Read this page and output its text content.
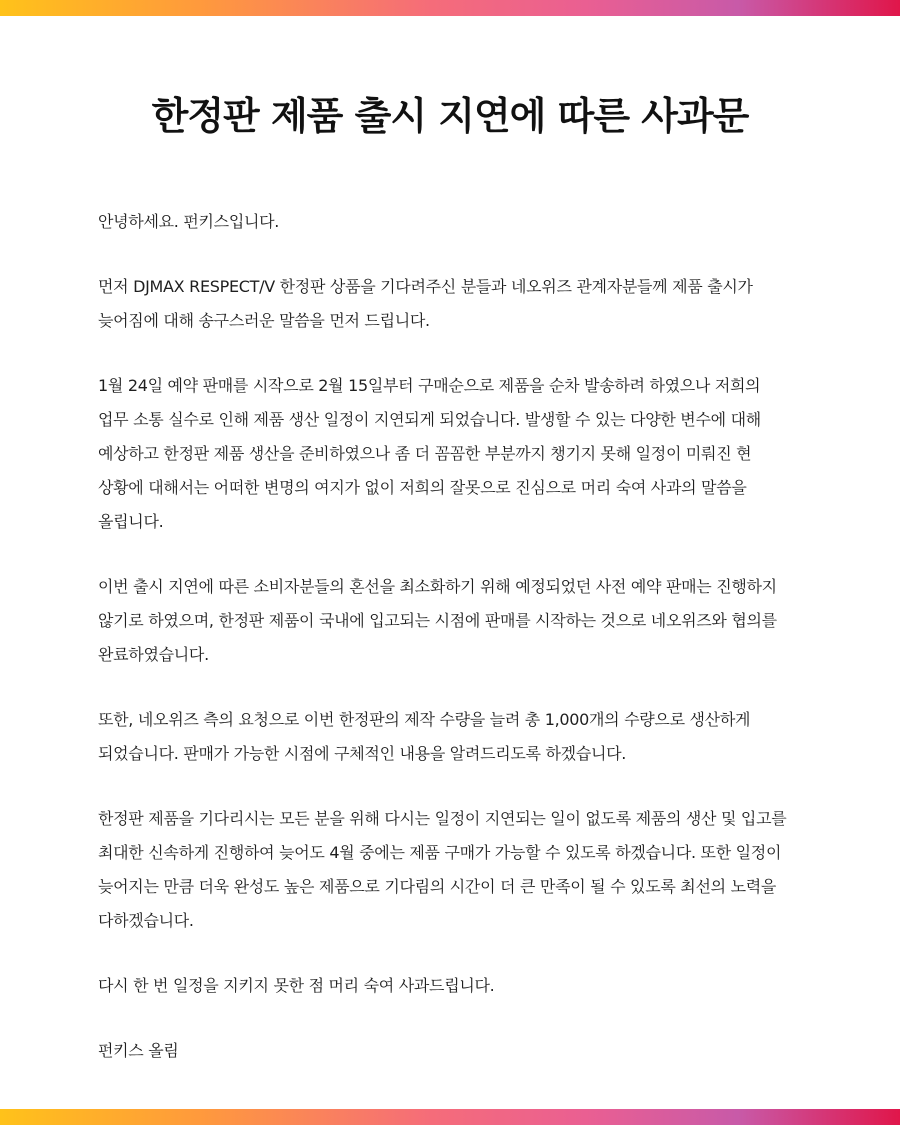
한정판 제품 출시 지연에 따른 사과문

안녕하세요. 펀키스입니다.

먼저 DJMAX RESPECT/V 한정판 상품을 기다려주신 분들과 네오위즈 관계자분들께 제품 출시가
늦어짐에 대해 송구스러운 말씀을 먼저 드립니다.

1월 24일 예약 판매를 시작으로 2월 15일부터 구매순으로 제품을 순차 발송하려 하였으나 저희의
업무 소통 실수로 인해 제품 생산 일정이 지연되게 되었습니다. 발생할 수 있는 다양한 변수에 대해
예상하고 한정판 제품 생산을 준비하였으나 좀 더 꼼꼼한 부분까지 챙기지 못해 일정이 미뤄진 현
상황에 대해서는 어떠한 변명의 여지가 없이 저희의 잘못으로 진심으로 머리 숙여 사과의 말씀을
올립니다.

이번 출시 지연에 따른 소비자분들의 혼선을 최소화하기 위해 예정되었던 사전 예약 판매는 진행하지
않기로 하였으며, 한정판 제품이 국내에 입고되는 시점에 판매를 시작하는 것으로 네오위즈와 협의를
완료하였습니다.

또한, 네오위즈 측의 요청으로 이번 한정판의 제작 수량을 늘려 총 1,000개의 수량으로 생산하게
되었습니다. 판매가 가능한 시점에 구체적인 내용을 알려드리도록 하겠습니다.

한정판 제품을 기다리시는 모든 분을 위해 다시는 일정이 지연되는 일이 없도록 제품의 생산 및 입고를
최대한 신속하게 진행하여 늦어도 4월 중에는 제품 구매가 가능할 수 있도록 하겠습니다. 또한 일정이
늦어지는 만큼 더욱 완성도 높은 제품으로 기다림의 시간이 더 큰 만족이 될 수 있도록 최선의 노력을
다하겠습니다.

다시 한 번 일정을 지키지 못한 점 머리 숙여 사과드립니다.

펀키스 올림
